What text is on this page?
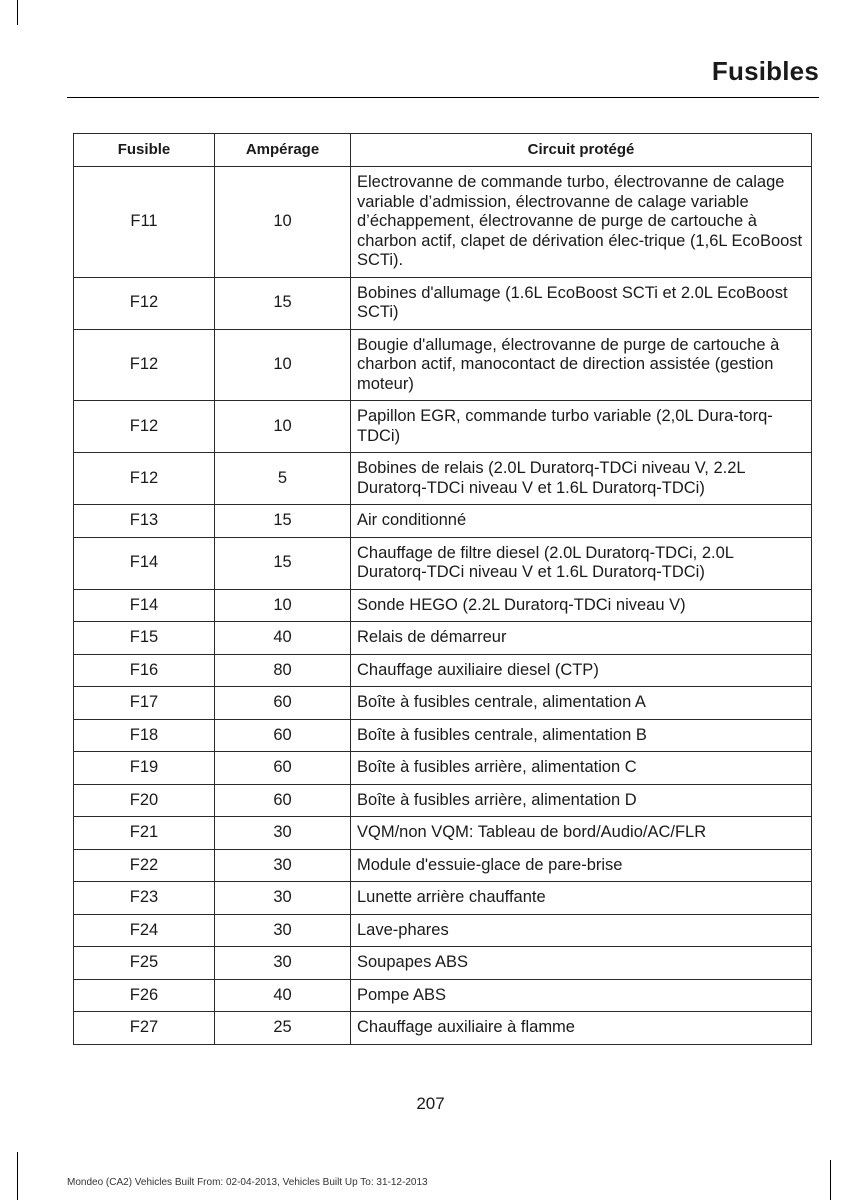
Fusibles
Fusible	Ampérage	Circuit protégé
F11	10	Electrovanne de commande turbo, électrovanne de calage variable d’admission, électrovanne de calage variable d’échappement, électrovanne de purge de cartouche à charbon actif, clapet de dérivation élec-trique (1,6L EcoBoost SCTi).
F12	15	Bobines d'allumage (1.6L EcoBoost SCTi et 2.0L EcoBoost SCTi)
F12	10	Bougie d'allumage, électrovanne de purge de cartouche à charbon actif, manocontact de direction assistée (gestion moteur)
F12	10	Papillon EGR, commande turbo variable (2,0L Dura-torq-TDCi)
F12	5	Bobines de relais (2.0L Duratorq-TDCi niveau V, 2.2L Duratorq-TDCi niveau V et 1.6L Duratorq-TDCi)
F13	15	Air conditionné
F14	15	Chauffage de filtre diesel (2.0L Duratorq-TDCi, 2.0L Duratorq-TDCi niveau V et 1.6L Duratorq-TDCi)
F14	10	Sonde HEGO (2.2L Duratorq-TDCi niveau V)
F15	40	Relais de démarreur
F16	80	Chauffage auxiliaire diesel (CTP)
F17	60	Boîte à fusibles centrale, alimentation A
F18	60	Boîte à fusibles centrale, alimentation B
F19	60	Boîte à fusibles arrière, alimentation C
F20	60	Boîte à fusibles arrière, alimentation D
F21	30	VQM/non VQM: Tableau de bord/Audio/AC/FLR
F22	30	Module d'essuie-glace de pare-brise
F23	30	Lunette arrière chauffante
F24	30	Lave-phares
F25	30	Soupapes ABS
F26	40	Pompe ABS
F27	25	Chauffage auxiliaire à flamme
207
Mondeo (CA2) Vehicles Built From: 02-04-2013, Vehicles Built Up To: 31-12-2013
